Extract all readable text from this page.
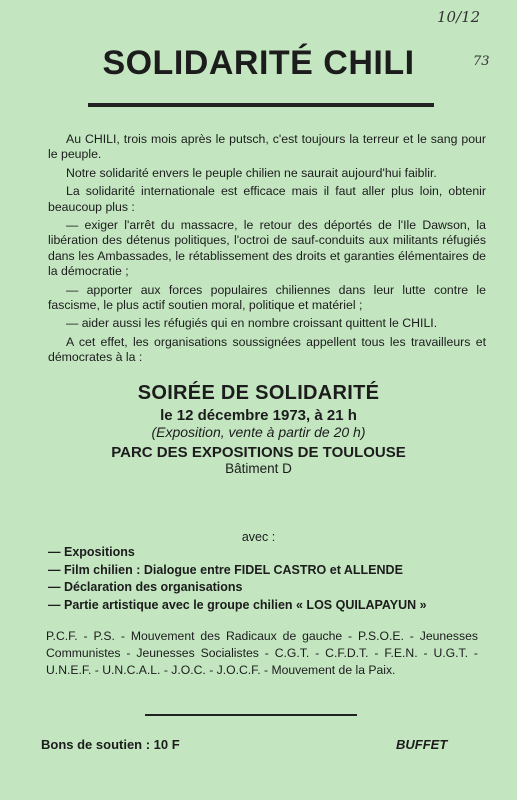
10/12
73
SOLIDARITÉ CHILI

Au CHILI, trois mois après le putsch, c'est toujours la terreur et le sang pour le peuple.

Notre solidarité envers le peuple chilien ne saurait aujourd'hui faiblir.

La solidarité internationale est efficace mais il faut aller plus loin, obtenir beaucoup plus :

— exiger l'arrêt du massacre, le retour des déportés de l'Ile Dawson, la libération des détenus politiques, l'octroi de sauf-conduits aux militants réfugiés dans les Ambassades, le rétablissement des droits et garanties élémentaires de la démocratie ;

— apporter aux forces populaires chiliennes dans leur lutte contre le fascisme, le plus actif soutien moral, politique et matériel ;

— aider aussi les réfugiés qui en nombre croissant quittent le CHILI.

A cet effet, les organisations soussignées appellent tous les travailleurs et démocrates à la :

SOIRÉE DE SOLIDARITÉ
le 12 décembre 1973, à 21 h
(Exposition, vente à partir de 20 h)
PARC DES EXPOSITIONS DE TOULOUSE
Bâtiment D
avec :
— Expositions
— Film chilien : Dialogue entre FIDEL CASTRO et ALLENDE
— Déclaration des organisations
— Partie artistique avec le groupe chilien « LOS QUILAPAYUN »
P.C.F. - P.S. - Mouvement des Radicaux de gauche - P.S.O.E. - Jeunesses Communistes - Jeunesses Socialistes - C.G.T. - C.F.D.T. - F.E.N. - U.G.T. - U.N.E.F. - U.N.C.A.L. - J.O.C. - J.O.C.F. - Mouvement de la Paix.
Bons de soutien : 10 F	BUFFET
